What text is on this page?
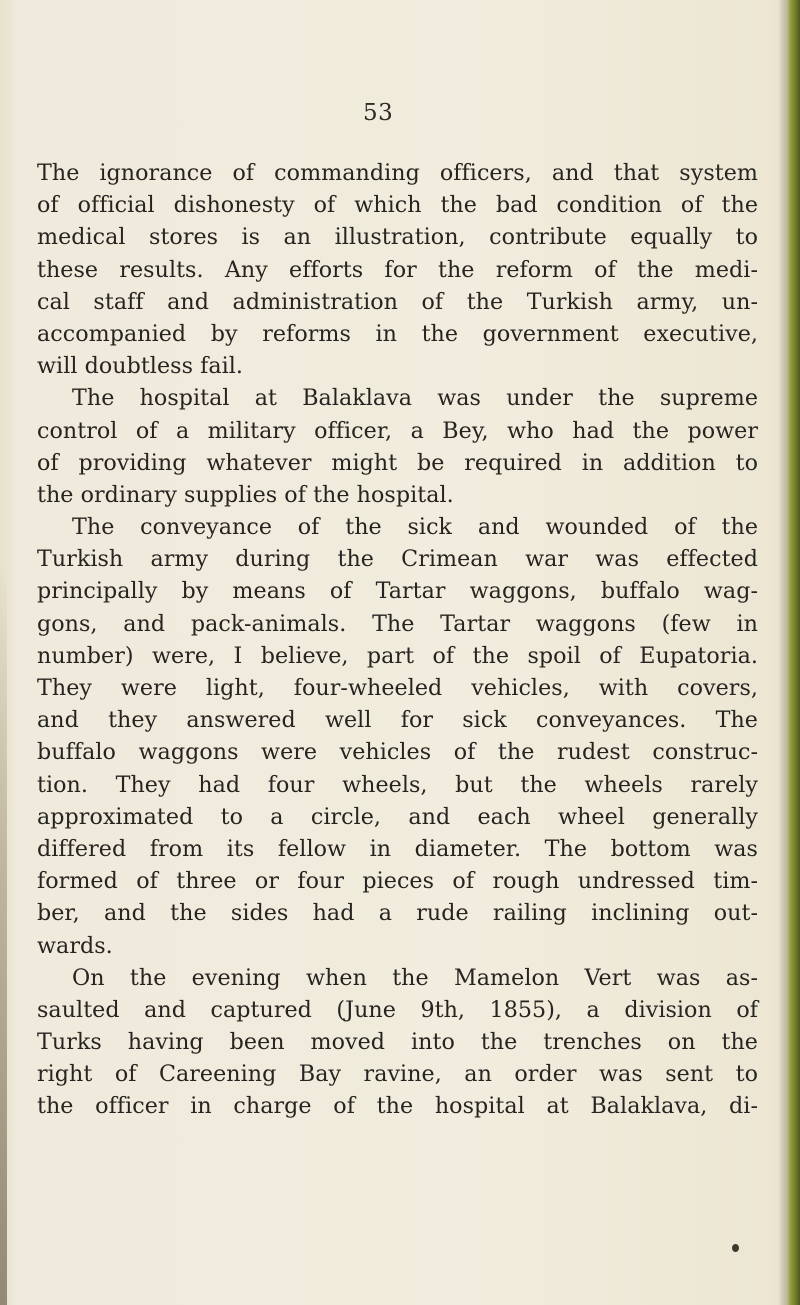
53
The ignorance of commanding officers, and that system
of official dishonesty of which the bad condition of the
medical stores is an illustration, contribute equally to
these results. Any efforts for the reform of the medi-
cal staff and administration of the Turkish army, un-
accompanied by reforms in the government executive,
will doubtless fail.
The hospital at Balaklava was under the supreme
control of a military officer, a Bey, who had the power
of providing whatever might be required in addition to
the ordinary supplies of the hospital.
The conveyance of the sick and wounded of the
Turkish army during the Crimean war was effected
principally by means of Tartar waggons, buffalo wag-
gons, and pack-animals. The Tartar waggons (few in
number) were, I believe, part of the spoil of Eupatoria.
They were light, four-wheeled vehicles, with covers,
and they answered well for sick conveyances. The
buffalo waggons were vehicles of the rudest construc-
tion. They had four wheels, but the wheels rarely
approximated to a circle, and each wheel generally
differed from its fellow in diameter. The bottom was
formed of three or four pieces of rough undressed tim-
ber, and the sides had a rude railing inclining out-
wards.
On the evening when the Mamelon Vert was as-
saulted and captured (June 9th, 1855), a division of
Turks having been moved into the trenches on the
right of Careening Bay ravine, an order was sent to
the officer in charge of the hospital at Balaklava, di-
